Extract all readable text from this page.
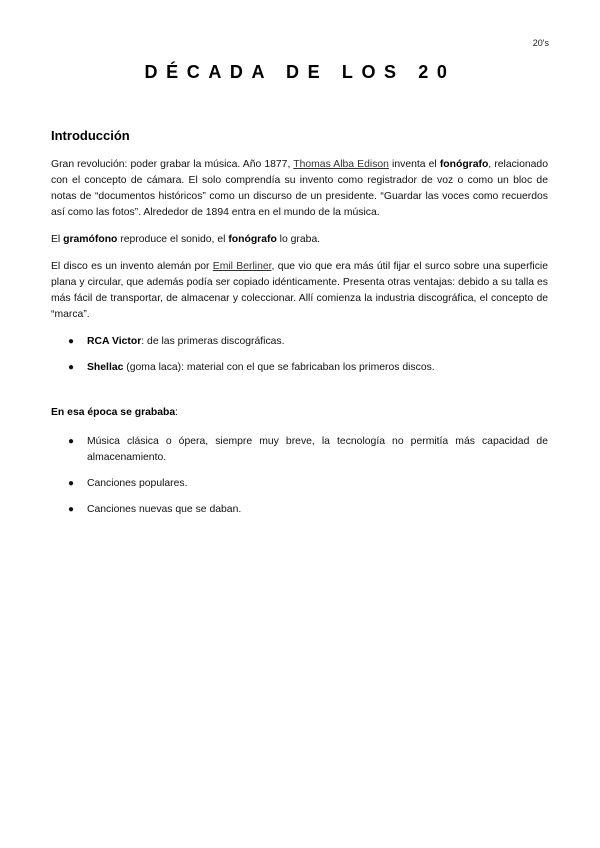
20's
DÉCADA DE LOS 20
Introducción

Gran revolución: poder grabar la música. Año 1877, Thomas Alba Edison inventa el fonógrafo, relacionado con el concepto de cámara. El solo comprendía su invento como registrador de voz o como un bloc de notas de “documentos históricos” como un discurso de un presidente. “Guardar las voces como recuerdos así como las fotos”. Alrededor de 1894 entra en el mundo de la música.

El gramófono reproduce el sonido, el fonógrafo lo graba.

El disco es un invento alemán por Emil Berliner, que vio que era más útil fijar el surco sobre una superficie plana y circular, que además podía ser copiado idénticamente. Presenta otras ventajas: debido a su talla es más fácil de transportar, de almacenar y coleccionar. Allí comienza la industria discográfica, el concepto de “marca”.

● RCA Victor: de las primeras discográficas.
● Shellac (goma laca): material con el que se fabricaban los primeros discos.

En esa época se grababa:

● Música clásica o ópera, siempre muy breve, la tecnología no permitía más capacidad de almacenamiento.
● Canciones populares.
● Canciones nuevas que se daban.
